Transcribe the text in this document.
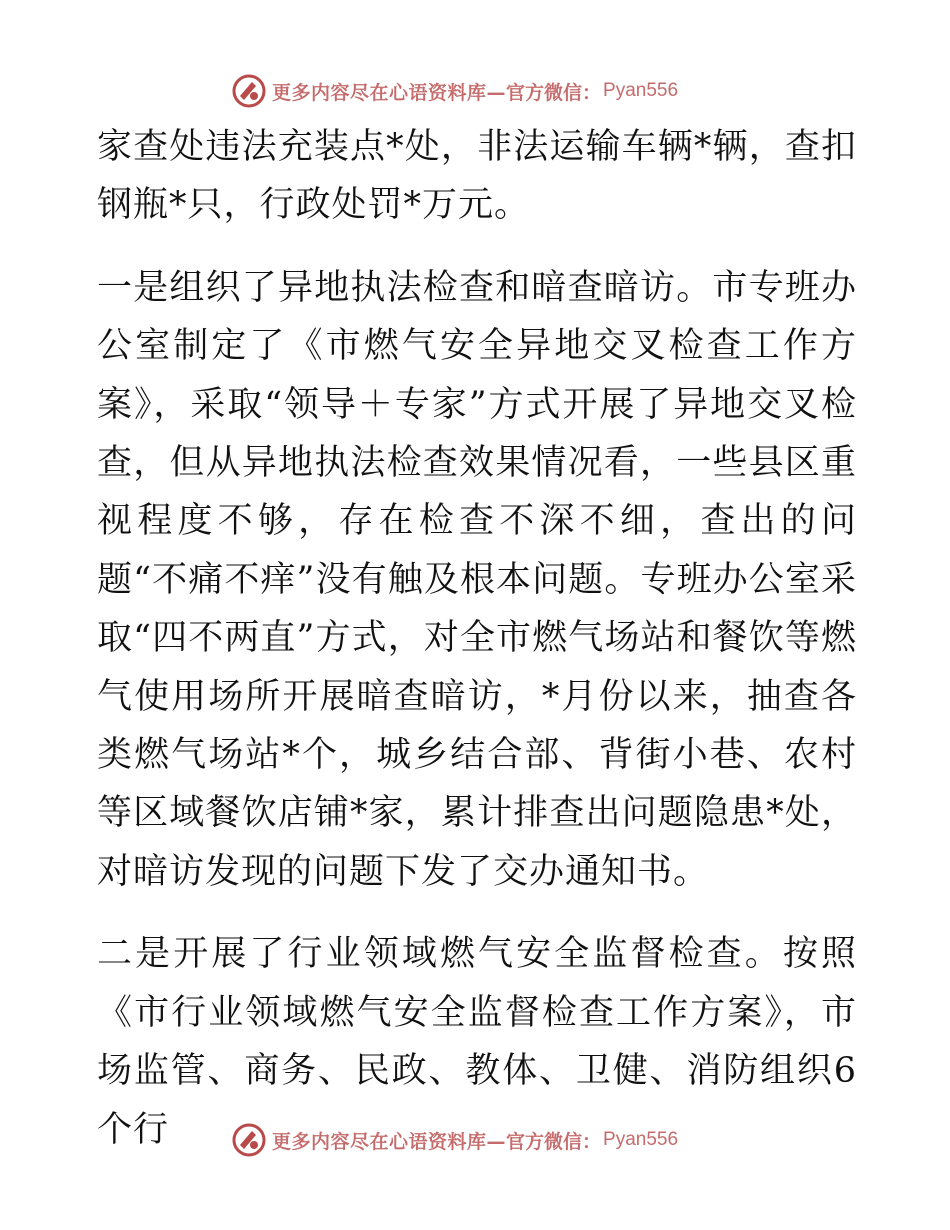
更多内容尽在心语资料库— 官方微信： Pyan556

家查处违法充装点*处，非法运输车辆*辆，查扣钢瓶*只，行政处罚*万元。

一是组织了异地执法检查和暗查暗访。市专班办公室制定了《市燃气安全异地交叉检查工作方案》，采取“领导＋专家”方式开展了异地交叉检查，但从异地执法检查效果情况看，一些县区重视程度不够，存在检查不深不细，查出的问题“不痛不痒”没有触及根本问题。专班办公室采取“四不两直”方式，对全市燃气场站和餐饮等燃气使用场所开展暗查暗访，*月份以来，抽查各类燃气场站*个，城乡结合部、背街小巷、农村等区域餐饮店铺*家，累计排查出问题隐患*处，对暗访发现的问题下发了交办通知书。

二是开展了行业领域燃气安全监督检查。按照《市行业领域燃气安全监督检查工作方案》，市场监管、商务、民政、教体、卫健、消防组织6个行	更多内容尽在心语资料库— 官方微信： Pyan556
